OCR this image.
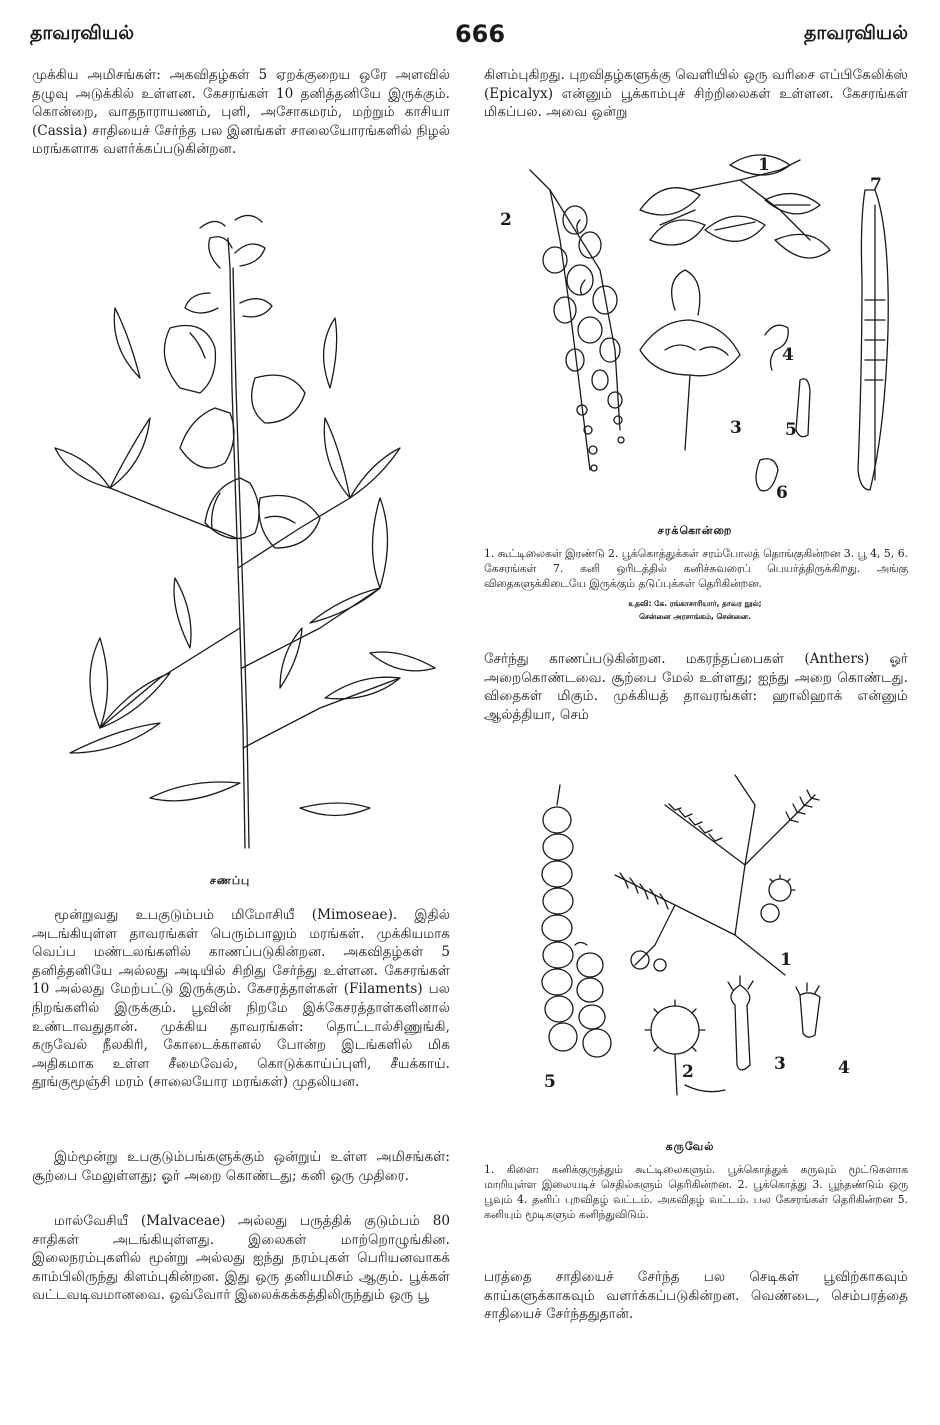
தாவரவியல்	666	தாவரவியல்

முக்கிய அமிசங்கள்: அகவிதழ்கள் 5 ஏறக்குறைய ஒரே அளவில் தழுவு அடுக்கில் உள்ளன. கேசரங்கள் 10 தனித்தனியே இருக்கும். கொன்றை, வாதநாராயணம், புளி, அசோகமரம், மற்றும் காசியா (Cassia) சாதியைச் சேர்ந்த பல இனங்கள் சாலையோரங்களில் நிழல் மரங்களாக வளர்க்கப்படுகின்றன.

சணப்பு

மூன்றுவது உபகுடும்பம் மிமோசியீ (Mimoseae). இதில் அடங்கியுள்ள தாவரங்கள் பெரும்பாலும் மரங்கள். முக்கியமாக வெப்ப மண்டலங்களில் காணப்படுகின்றன. அகவிதழ்கள் 5 தனித்தனியே அல்லது அடியில் சிறிது சேர்ந்து உள்ளன. கேசரங்கள் 10 அல்லது மேற்பட்டு இருக்கும். கேசரத்தாள்கள் (Filaments) பல நிறங்களில் இருக்கும். பூவின் நிறமே இக்கேசரத்தாள்களினால் உண்டாவதுதான். முக்கிய தாவரங்கள்: தொட்டால்சிணுங்கி, கருவேல் நீலகிரி, கோடைக்கானல் போன்ற இடங்களில் மிக அதிகமாக உள்ள சீமைவேல், கொடுக்காய்ப்புளி, சீயக்காய். தூங்குமூஞ்சி மரம் (சாலையோர மரங்கள்) முதலியன.

இம்மூன்று உபகுடும்பங்களுக்கும் ஒன்றுய் உள்ள அமிசங்கள்: சூற்பை மேலுள்ளது; ஓர் அறை கொண்டது; கனி ஒரு முதிரை.

மால்வேசியீ (Malvaceae) அல்லது பருத்திக் குடும்பம் 80 சாதிகள் அடங்கியுள்ளது. இலைகள் மாற்றொழுங்கின. இலைநரம்புகளில் மூன்று அல்லது ஐந்து நரம்புகள் பெரியனவாகக் காம்பிலிருந்து கிளம்புகின்றன. இது ஒரு தனியமிசம் ஆகும். பூக்கள் வட்டவடிவமானவை. ஒவ்வோர் இலைக்கக்கத்திலிருந்தும் ஒரு பூ

கிளம்புகிறது. புறவிதழ்களுக்கு வெளியில் ஒரு வரிசை எப்பிகேலிக்ஸ் (Epicalyx) என்னும் பூக்காம்புச் சிற்றிலைகள் உள்ளன. கேசரங்கள் மிகப்பல. அவை ஒன்று

2
1
7
3
4
5
6
சரக்கொன்றை

1. கூட்டிலைகள் இரண்டு 2. பூக்கொத்துக்கள் சரம்போலத் தொங்குகின்றன 3. பூ 4, 5, 6. கேசரங்கள் 7. கனி ஒரிடத்தில் கனிச்சுவரைப் பெயர்த்திருக்கிறது. அங்கு விதைகளுக்கிடையே இருக்கும் தடுப்புக்கள் தெரிகின்றன.

உதவி: கே. ரங்காசாரியார், தாவர நூல்;
சென்னை அரசாங்கம், சென்னை.

சேர்ந்து காணப்படுகின்றன. மகரந்தப்பைகள் (Anthers) ஓர் அறைகொண்டவை. சூற்பை மேல் உள்ளது; ஐந்து அறை கொண்டது. விதைகள் மிகும். முக்கியத் தாவரங்கள்: ஹாலிஹாக் என்னும் ஆல்த்தியா, செம்

1
2	3	4
5
கருவேல்

1. கிளை: கனிக்குருத்தும் கூட்டிலைகளும். பூக்கொத்துக் கருவும் மூட்டுகளாக மாறியுள்ள இலையடிச் செதில்களும் தெரிகின்றன. 2. பூக்கொத்து 3. பூந்தண்டும் ஒரு பூவும் 4. தனிப் புறவிதழ் வட்டம். அகவிதழ் வட்டம். பல கேசரங்கள் தெரிகின்றன 5. கனியும் மூடிகளும் கனிந்துவிடும்.

பரத்தை சாதியைச் சேர்ந்த பல செடிகள் பூவிற்காகவும் காய்களுக்காகவும் வளர்க்கப்படுகின்றன. வெண்டை, செம்பரத்தை சாதியைச் சேர்ந்ததுதான்.
